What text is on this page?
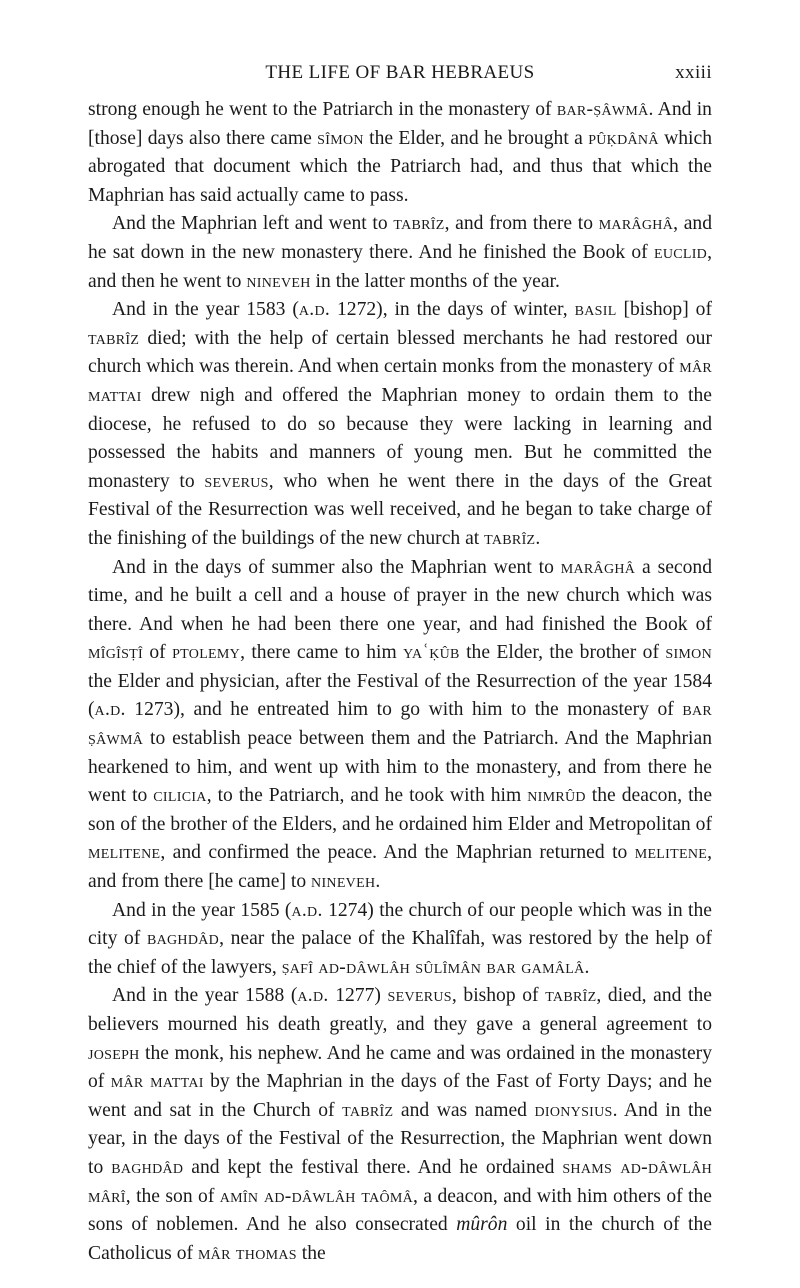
THE LIFE OF BAR HEBRAEUS	xxiii

strong enough he went to the Patriarch in the monastery of bar-ṣâwmâ. And in [those] days also there came sîmon the Elder, and he brought a pûḳdânâ which abrogated that document which the Patriarch had, and thus that which the Maphrian has said actually came to pass.

And the Maphrian left and went to tabrîz, and from there to marâghâ, and he sat down in the new monastery there. And he finished the Book of euclid, and then he went to nineveh in the latter months of the year.

And in the year 1583 (a.d. 1272), in the days of winter, basil [bishop] of tabrîz died; with the help of certain blessed merchants he had restored our church which was therein. And when certain monks from the monastery of mâr mattai drew nigh and offered the Maphrian money to ordain them to the diocese, he refused to do so because they were lacking in learning and possessed the habits and manners of young men. But he committed the monastery to severus, who when he went there in the days of the Great Festival of the Resurrection was well received, and he began to take charge of the finishing of the buildings of the new church at tabrîz.

And in the days of summer also the Maphrian went to marâghâ a second time, and he built a cell and a house of prayer in the new church which was there. And when he had been there one year, and had finished the Book of mîgîsṭî of ptolemy, there came to him yaʿḳûb the Elder, the brother of simon the Elder and physician, after the Festival of the Resurrection of the year 1584 (a.d. 1273), and he entreated him to go with him to the monastery of bar ṣâwmâ to establish peace between them and the Patriarch. And the Maphrian hearkened to him, and went up with him to the monastery, and from there he went to cilicia, to the Patriarch, and he took with him nimrûd the deacon, the son of the brother of the Elders, and he ordained him Elder and Metropolitan of melitene, and confirmed the peace. And the Maphrian returned to melitene, and from there [he came] to nineveh.

And in the year 1585 (a.d. 1274) the church of our people which was in the city of baghdâd, near the palace of the Khalîfah, was restored by the help of the chief of the lawyers, ṣafî ad-dâwlâh sûlîmân bar gamâlâ.

And in the year 1588 (a.d. 1277) severus, bishop of tabrîz, died, and the believers mourned his death greatly, and they gave a general agreement to joseph the monk, his nephew. And he came and was ordained in the monastery of mâr mattai by the Maphrian in the days of the Fast of Forty Days; and he went and sat in the Church of tabrîz and was named dionysius. And in the year, in the days of the Festival of the Resurrection, the Maphrian went down to baghdâd and kept the festival there. And he ordained shams ad-dâwlâh mârî, the son of amîn ad-dâwlâh taômâ, a deacon, and with him others of the sons of noblemen. And he also consecrated mûrôn oil in the church of the Catholicus of mâr thomas the
